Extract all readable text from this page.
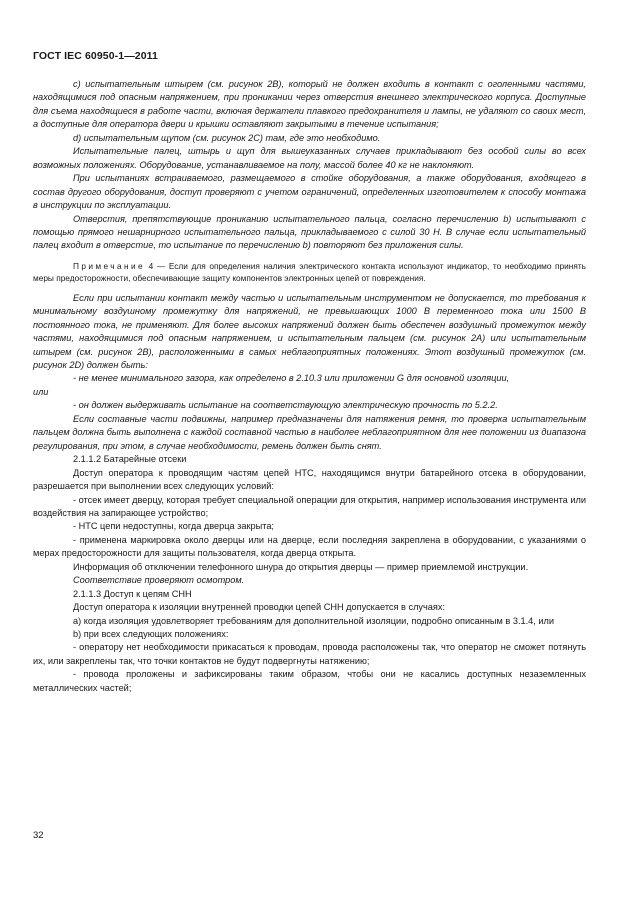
ГОСТ IEC 60950-1—2011

с) испытательным штырем (см. рисунок 2В), который не должен входить в контакт с оголенными частями, находящимися под опасным напряжением, при проникании через отверстия внешнего электрического корпуса. Доступные для съема находящиеся в работе части, включая держатели плавкого предохранителя и лампы, не удаляют со своих мест, а доступные для оператора двери и крышки оставляют закрытыми в течение испытания;

d) испытательным щупом (см. рисунок 2С) там, где это необходимо.

Испытательные палец, штырь и щуп для вышеуказанных случаев прикладывают без особой силы во всех возможных положениях. Оборудование, устанавливаемое на полу, массой более 40 кг не наклоняют.

При испытаниях встраиваемого, размещаемого в стойке оборудования, а также оборудования, входящего в состав другого оборудования, доступ проверяют с учетом ограничений, определенных изготовителем к способу монтажа в инструкции по эксплуатации.

Отверстия, препятствующие прониканию испытательного пальца, согласно перечислению b) испытывают с помощью прямого нешарнирного испытательного пальца, прикладываемого с силой 30 Н. В случае если испытательный палец входит в отверстие, то испытание по перечислению b) повторяют без приложения силы.

Примечание 4 — Если для определения наличия электрического контакта используют индикатор, то необходимо принять меры предосторожности, обеспечивающие защиту компонентов электронных цепей от повреждения.

Если при испытании контакт между частью и испытательным инструментом не допускается, то требования к минимальному воздушному промежутку для напряжений, не превышающих 1000 В переменного тока или 1500 В постоянного тока, не применяют. Для более высоких напряжений должен быть обеспечен воздушный промежуток между частями, находящимися под опасным напряжением, и испытательным пальцем (см. рисунок 2А) или испытательным штырем (см. рисунок 2В), расположенными в самых неблагоприятных положениях. Этот воздушный промежуток (см. рисунок 2D) должен быть:

- не менее минимального зазора, как определено в 2.10.3 или приложении G для основной изоляции,

или

- он должен выдерживать испытание на соответствующую электрическую прочность по 5.2.2.

Если составные части подвижны, например предназначены для натяжения ремня, то проверка испытательным пальцем должна быть выполнена с каждой составной частью в наиболее неблагоприятном для нее положении из диапазона регулирования, при этом, в случае необходимости, ремень должен быть снят.

2.1.1.2 Батарейные отсеки

Доступ оператора к проводящим частям цепей НТС, находящимся внутри батарейного отсека в оборудовании, разрешается при выполнении всех следующих условий:

- отсек имеет дверцу, которая требует специальной операции для открытия, например использования инструмента или воздействия на запирающее устройство;

- НТС цепи недоступны, когда дверца закрыта;

- применена маркировка около дверцы или на дверце, если последняя закреплена в оборудовании, с указаниями о мерах предосторожности для защиты пользователя, когда дверца открыта.

Информация об отключении телефонного шнура до открытия дверцы — пример приемлемой инструкции.

Соответствие проверяют осмотром.

2.1.1.3 Доступ к цепям СНН

Доступ оператора к изоляции внутренней проводки цепей СНН допускается в случаях:

а) когда изоляция удовлетворяет требованиям для дополнительной изоляции, подробно описанным в 3.1.4, или

b) при всех следующих положениях:

- оператору нет необходимости прикасаться к проводам, провода расположены так, что оператор не сможет потянуть их, или закреплены так, что точки контактов не будут подвергнуты натяжению;

- провода проложены и зафиксированы таким образом, чтобы они не касались доступных незаземленных металлических частей;

32
